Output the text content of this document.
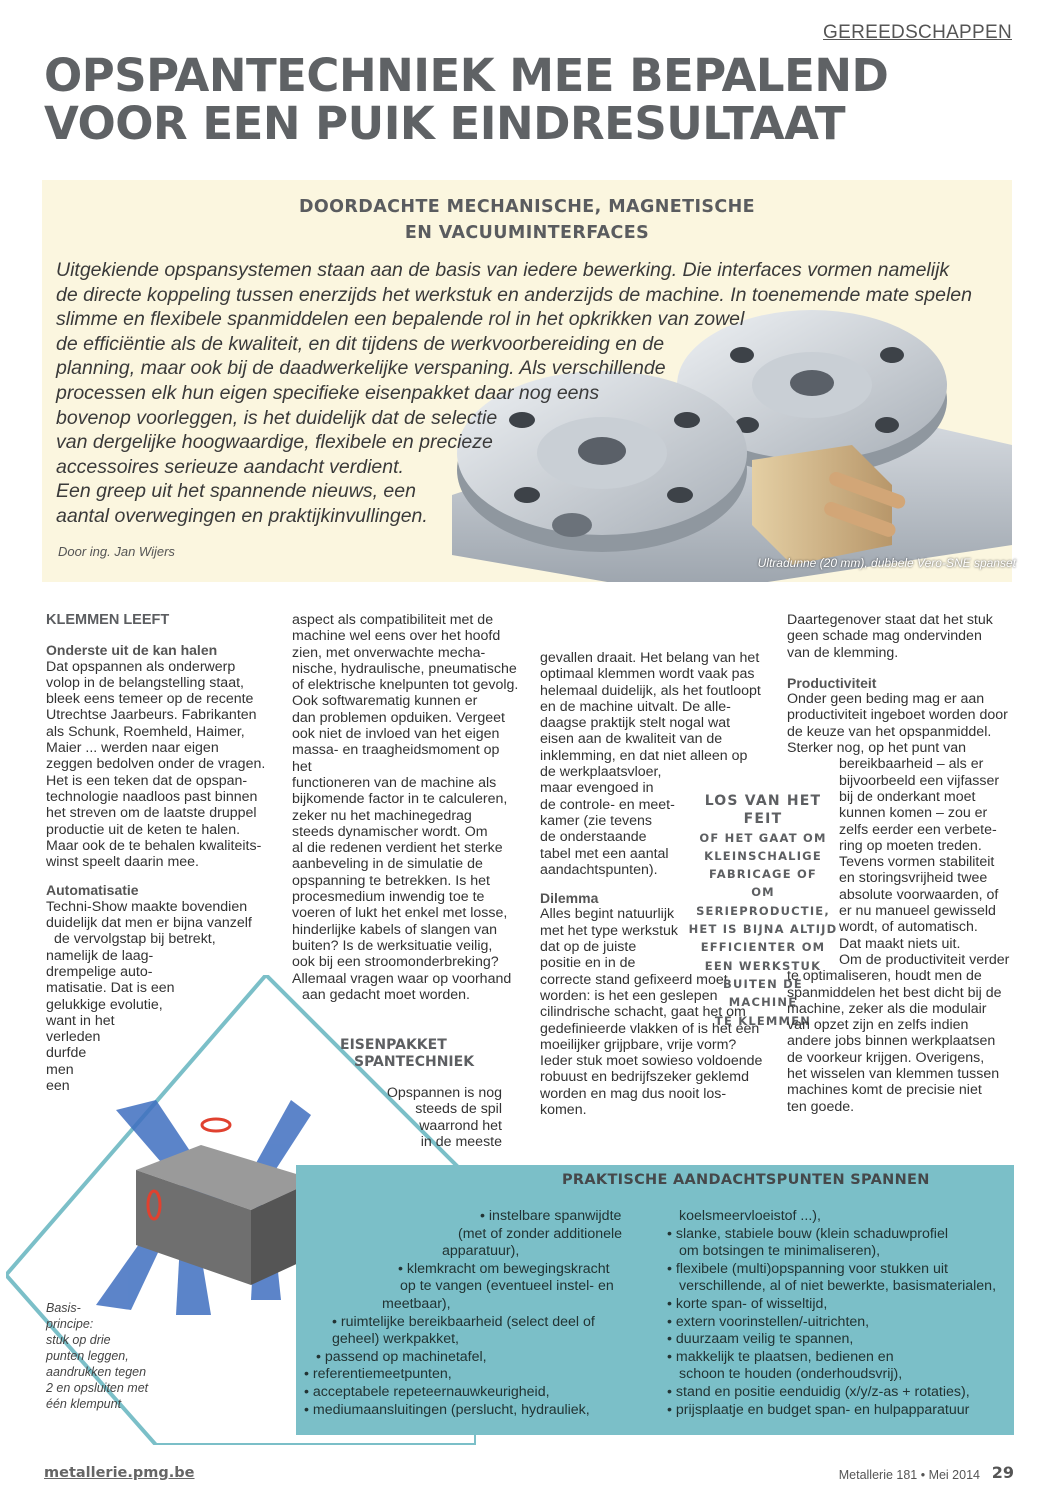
GEREEDSCHAPPEN
OPSPANTECHNIEK MEE BEPALEND
VOOR EEN PUIK EINDRESULTAAT
DOORDACHTE MECHANISCHE, MAGNETISCHE
EN VACUUMINTERFACES
Uitgekiende opspansystemen staan aan de basis van iedere bewerking. Die interfaces vormen namelijk
de directe koppeling tussen enerzijds het werkstuk en anderzijds de machine. In toenemende mate spelen
slimme en flexibele spanmiddelen een bepalende rol in het opkrikken van zowel
de efficiëntie als de kwaliteit, en dit tijdens de werkvoorbereiding en de
planning, maar ook bij de daadwerkelijke verspaning. Als verschillende
processen elk hun eigen specifieke eisenpakket daar nog eens
bovenop voorleggen, is het duidelijk dat de selectie
van dergelijke hoogwaardige, flexibele en precieze
accessoires serieuze aandacht verdient.
Een greep uit het spannende nieuws, een
aantal overwegingen en praktijkinvullingen.
Door ing. Jan Wijers
Ultradunne (20 mm), dubbele Vero-SNE spanset
KLEMMEN LEEFT
Onderste uit de kan halen

Dat opspannen als onderwerp

volop in de belangstelling staat,

bleek eens temeer op de recente

Utrechtse Jaarbeurs. Fabrikanten

als Schunk, Roemheld, Haimer,

Maier ... werden naar eigen

zeggen bedolven onder de vragen.

Het is een teken dat de opspan-

technologie naadloos past binnen

het streven om de laatste druppel

productie uit de keten te halen.

Maar ook de te behalen kwaliteits-

winst speelt daarin mee.

Automatisatie

Techni-Show maakte bovendien

duidelijk dat men er bijna vanzelf

de vervolgstap bij betrekt,

namelijk de laag-

drempelige auto-

matisatie. Dat is een

gelukkige evolutie,

want in het

verleden

durfde

men

een

Basis-
principe:
stuk op drie
punten leggen,
aandrukken tegen
2 en opsluiten met
één klempunt

aspect als compatibiliteit met de

machine wel eens over het hoofd

zien, met onverwachte mecha-

nische, hydraulische, pneumatische

of elektrische knelpunten tot gevolg.

Ook softwarematig kunnen er

dan problemen opduiken. Vergeet

ook niet de invloed van het eigen

massa- en traagheidsmoment op het

functioneren van de machine als

bijkomende factor in te calculeren,

zeker nu het machinegedrag

steeds dynamischer wordt. Om

al die redenen verdient het sterke

aanbeveling in de simulatie de

opspanning te betrekken. Is het

procesmedium inwendig toe te

voeren of lukt het enkel met losse,

hinderlijke kabels of slangen van

buiten? Is de werksituatie veilig,

ook bij een stroomonderbreking?

Allemaal vragen waar op voorhand

aan gedacht moet worden.

EISENPAKKET
SPANTECHNIEK

Opspannen is nog

steeds de spil

waarrond het

in de meeste

gevallen draait. Het belang van het

optimaal klemmen wordt vaak pas

helemaal duidelijk, als het foutloopt

en de machine uitvalt. De alle-

daagse praktijk stelt nogal wat

eisen aan de kwaliteit van de

inklemming, en dat niet alleen op

de werkplaatsvloer,

maar evengoed in

de controle- en meet-

kamer (zie tevens

de onderstaande

tabel met een aantal

aandachtspunten).

Dilemma

Alles begint natuurlijk

met het type werkstuk

dat op de juiste

positie en in de

correcte stand gefixeerd moet

worden: is het een geslepen

cilindrische schacht, gaat het om

gedefinieerde vlakken of is het een

moeilijker grijpbare, vrije vorm?

Ieder stuk moet sowieso voldoende

robuust en bedrijfszeker geklemd

worden en mag dus nooit los-

komen.

LOS VAN HET FEIT
OF HET GAAT OM
KLEINSCHALIGE
FABRICAGE OF
OM SERIEPRODUCTIE,
HET IS BIJNA ALTIJD
EFFICIENTER OM
EEN WERKSTUK
BUITEN DE MACHINE
TE KLEMMEN

Daartegenover staat dat het stuk

geen schade mag ondervinden

van de klemming.

Productiviteit

Onder geen beding mag er aan

productiviteit ingeboet worden door

de keuze van het opspanmiddel.

Sterker nog, op het punt van

bereikbaarheid – als er

bijvoorbeeld een vijfasser

bij de onderkant moet

kunnen komen – zou er

zelfs eerder een verbete-

ring op moeten treden.

Tevens vormen stabiliteit

en storingsvrijheid twee

absolute voorwaarden, of

er nu manueel gewisseld

wordt, of automatisch.

Dat maakt niets uit.

Om de productiviteit verder

te optimaliseren, houdt men de

spanmiddelen het best dicht bij de

machine, zeker als die modulair

van opzet zijn en zelfs indien

andere jobs binnen werkplaatsen

de voorkeur krijgen. Overigens,

het wisselen van klemmen tussen

machines komt de precisie niet

ten goede.

PRAKTISCHE AANDACHTSPUNTEN SPANNEN
• instelbare spanwijdte
(met of zonder additionele
apparatuur),
• klemkracht om bewegingskracht
op te vangen (eventueel instel- en
meetbaar),
• ruimtelijke bereikbaarheid (select deel of
geheel) werkpakket,
• passend op machinetafel,
• referentiemeetpunten,
• acceptabele repeteernauwkeurigheid,
• mediumaansluitingen (perslucht, hydrauliek,
koelsmeervloeistof ...),
• slanke, stabiele bouw (klein schaduwprofiel
om botsingen te minimaliseren),
• flexibele (multi)opspanning voor stukken uit
verschillende, al of niet bewerkte, basismaterialen,
• korte span- of wisseltijd,
• extern voorinstellen/-uitrichten,
• duurzaam veilig te spannen,
• makkelijk te plaatsen, bedienen en
schoon te houden (onderhoudsvrij),
• stand en positie eenduidig (x/y/z-as + rotaties),
• prijsplaatje en budget span- en hulpapparatuur
metallerie.pmg.be	Metallerie 181 • Mei 2014 29
